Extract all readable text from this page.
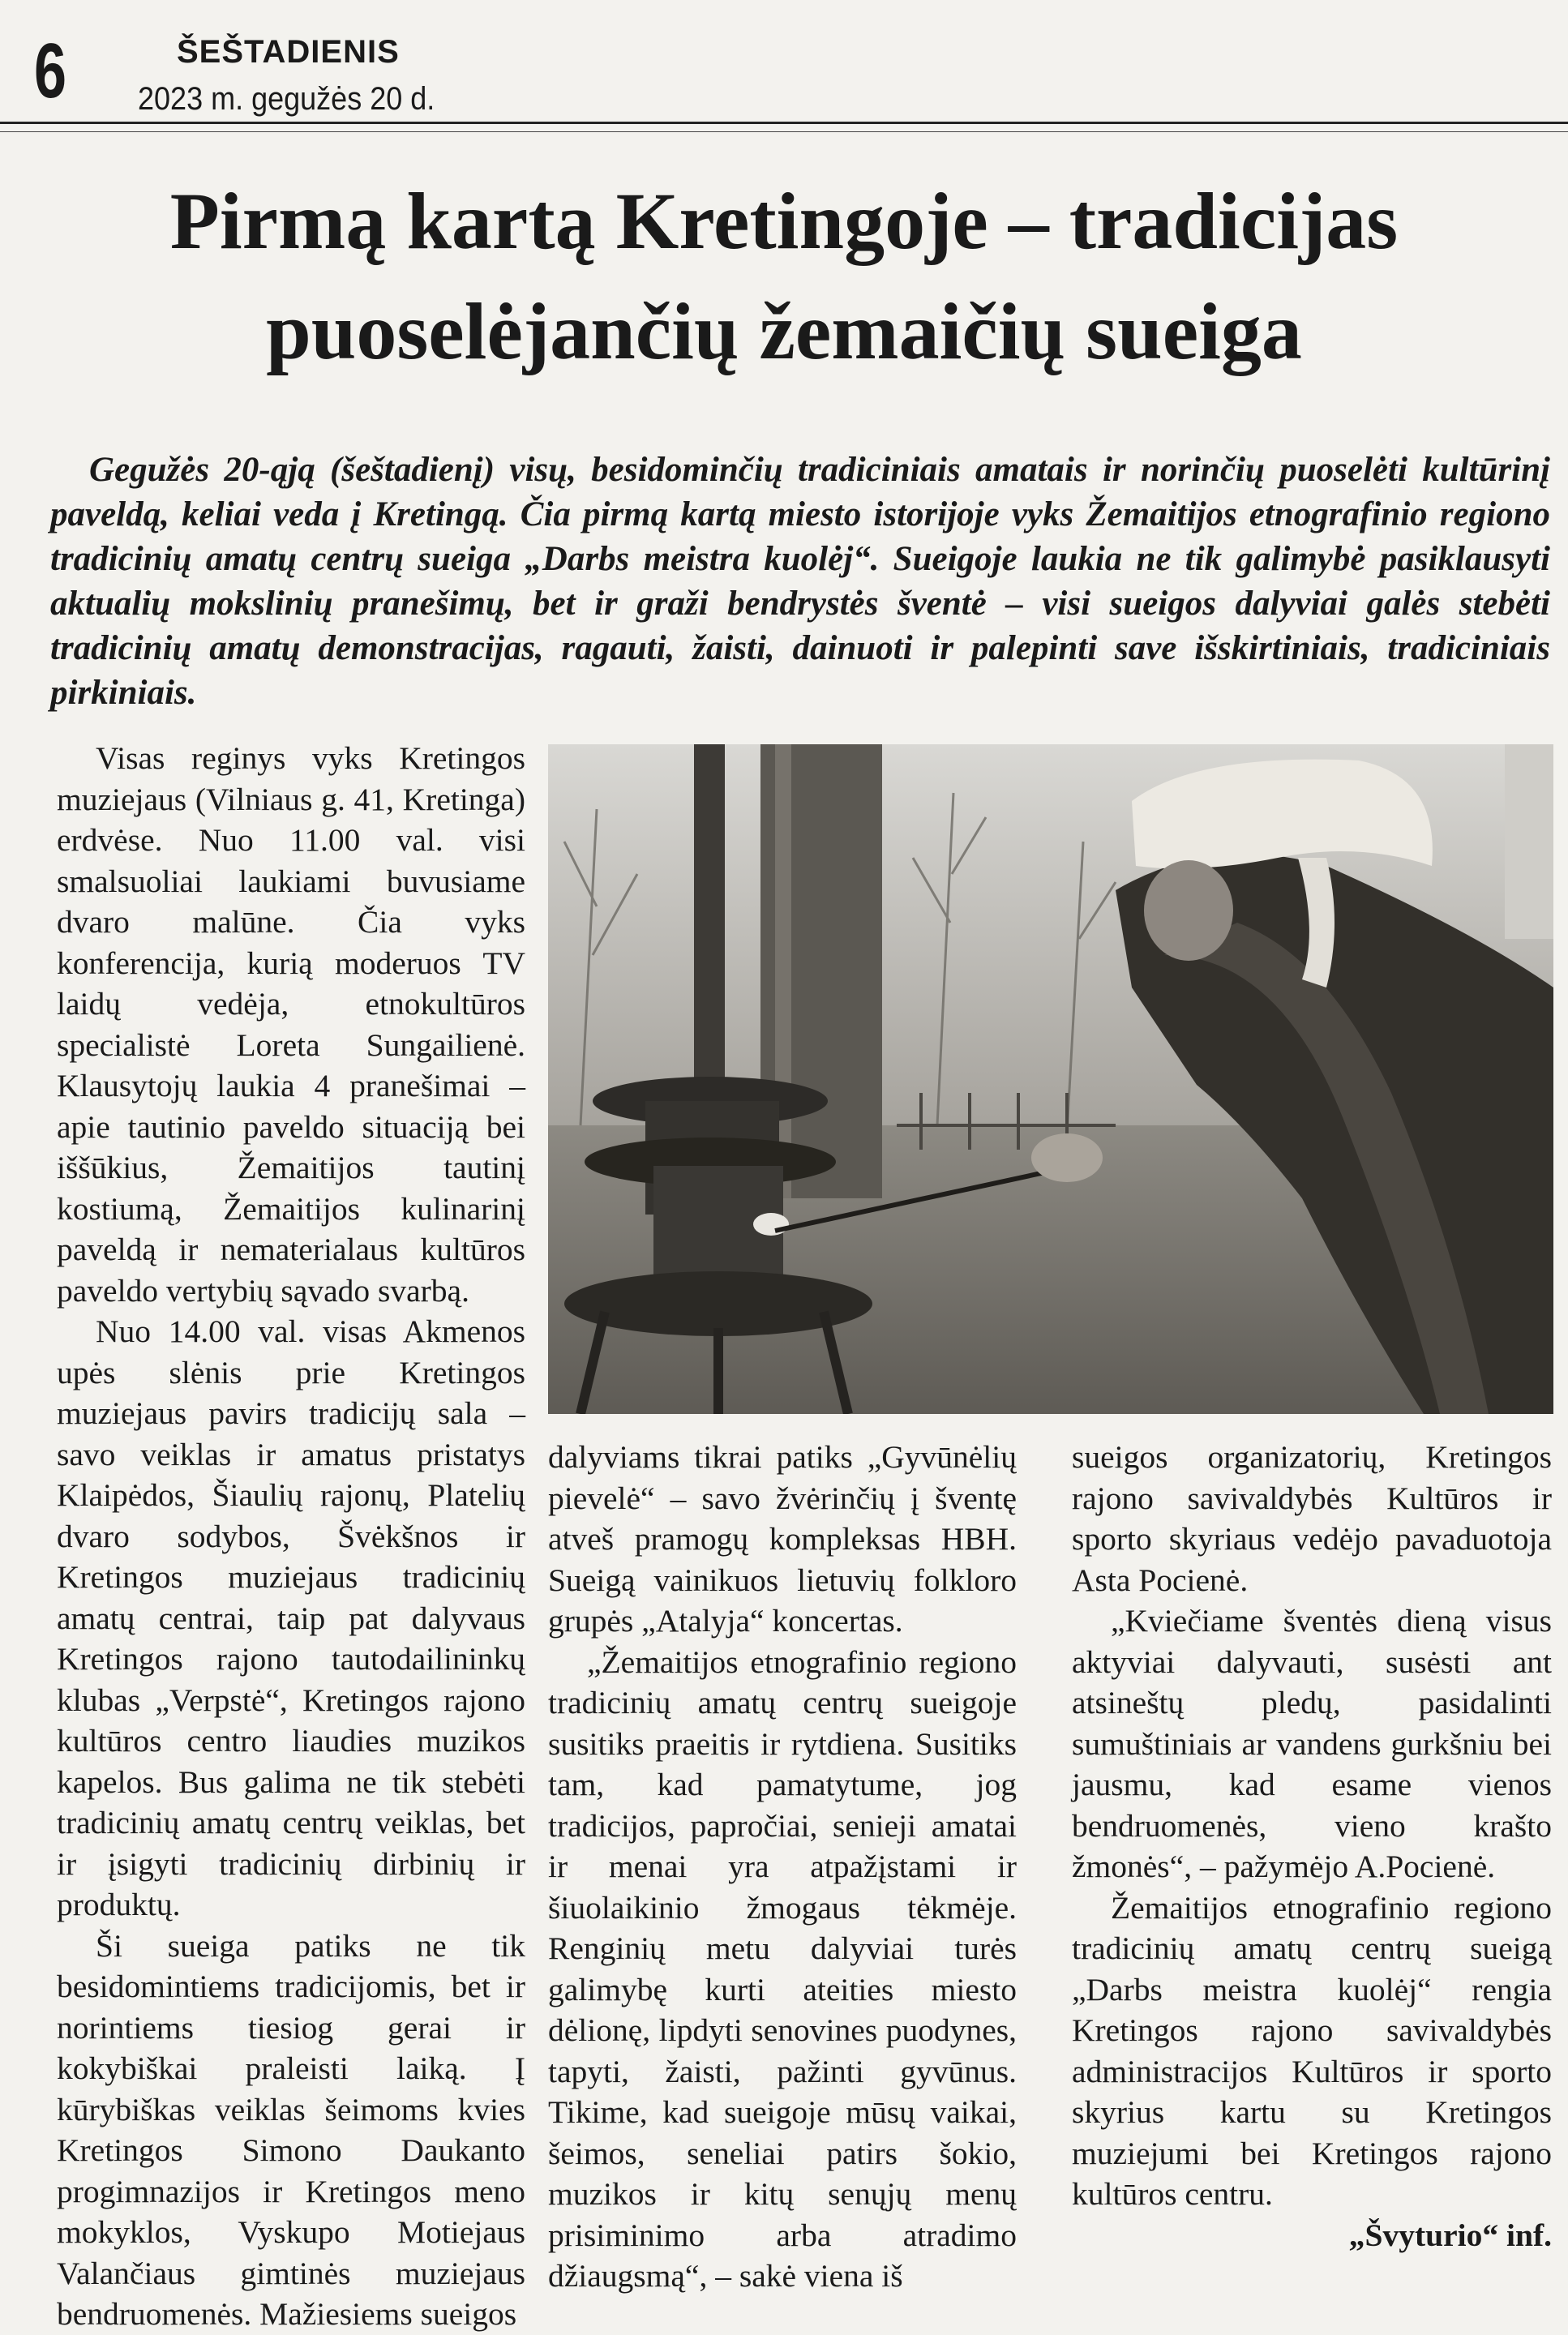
6	ŠEŠTADIENIS
2023 m. gegužės 20 d.
Pirmą kartą Kretingoje – tradicijas
puoselėjančių žemaičių sueiga
Gegužės 20-ąją (šeštadienį) visų, besidominčių tradiciniais amatais ir norinčių puoselėti kultūrinį paveldą, keliai veda į Kretingą. Čia pirmą kartą miesto istorijoje vyks Žemaitijos etnografinio regiono tradicinių amatų centrų sueiga „Darbs meistra kuolėj“. Sueigoje laukia ne tik galimybė pasiklausyti aktualių mokslinių pranešimų, bet ir graži bendrystės šventė – visi sueigos dalyviai galės stebėti tradicinių amatų demonstracijas, ragauti, žaisti, dainuoti ir palepinti save išskirtiniais, tradiciniais pirkiniais.

Visas reginys vyks Kretingos muziejaus (Vilniaus g. 41, Kretinga) erdvėse. Nuo 11.00 val. visi smalsuoliai laukiami buvusiame dvaro malūne. Čia vyks konferencija, kurią moderuos TV laidų vedėja, etnokultūros specialistė Loreta Sungailienė. Klausytojų laukia 4 pranešimai – apie tautinio paveldo situaciją bei iššūkius, Žemaitijos tautinį kostiumą, Žemaitijos kulinarinį paveldą ir nematerialaus kultūros paveldo vertybių sąvado svarbą.

Nuo 14.00 val. visas Akmenos upės slėnis prie Kretingos muziejaus pavirs tradicijų sala – savo veiklas ir amatus pristatys Klaipėdos, Šiaulių rajonų, Platelių dvaro sodybos, Švėkšnos ir Kretingos muziejaus tradicinių amatų centrai, taip pat dalyvaus Kretingos rajono tautodailininkų klubas „Verpstė“, Kretingos rajono kultūros centro liaudies muzikos kapelos. Bus galima ne tik stebėti tradicinių amatų centrų veiklas, bet ir įsigyti tradicinių dirbinių ir produktų.

Ši sueiga patiks ne tik besidomintiems tradicijomis, bet ir norintiems tiesiog gerai ir kokybiškai praleisti laiką. Į kūrybiškas veiklas šeimoms kvies Kretingos Simono Daukanto progimnazijos ir Kretingos meno mokyklos, Vyskupo Motiejaus Valančiaus gimtinės muziejaus bendruomenės. Mažiesiems sueigos

dalyviams tikrai patiks „Gyvūnėlių pievelė“ – savo žvėrinčių į šventę atveš pramogų kompleksas HBH. Sueigą vainikuos lietuvių folkloro grupės „Atalyja“ koncertas.

„Žemaitijos etnografinio regiono tradicinių amatų centrų sueigoje susitiks praeitis ir rytdiena. Susitiks tam, kad pamatytume, jog tradicijos, papročiai, senieji amatai ir menai yra atpažįstami ir šiuolaikinio žmogaus tėkmėje. Renginių metu dalyviai turės galimybę kurti ateities miesto dėlionę, lipdyti senovines puodynes, tapyti, žaisti, pažinti gyvūnus. Tikime, kad sueigoje mūsų vaikai, šeimos, seneliai patirs šokio, muzikos ir kitų senųjų menų prisiminimo arba atradimo džiaugsmą“, – sakė viena iš

sueigos organizatorių, Kretingos rajono savivaldybės Kultūros ir sporto skyriaus vedėjo pavaduotoja Asta Pocienė.

„Kviečiame šventės dieną visus aktyviai dalyvauti, susėsti ant atsineštų pledų, pasidalinti sumuštiniais ar vandens gurkšniu bei jausmu, kad esame vienos bendruomenės, vieno krašto žmonės“, – pažymėjo A.Pocienė.

Žemaitijos etnografinio regiono tradicinių amatų centrų sueigą „Darbs meistra kuolėj“ rengia Kretingos rajono savivaldybės administracijos Kultūros ir sporto skyrius kartu su Kretingos muziejumi bei Kretingos rajono kultūros centru.

„Švyturio“ inf.
